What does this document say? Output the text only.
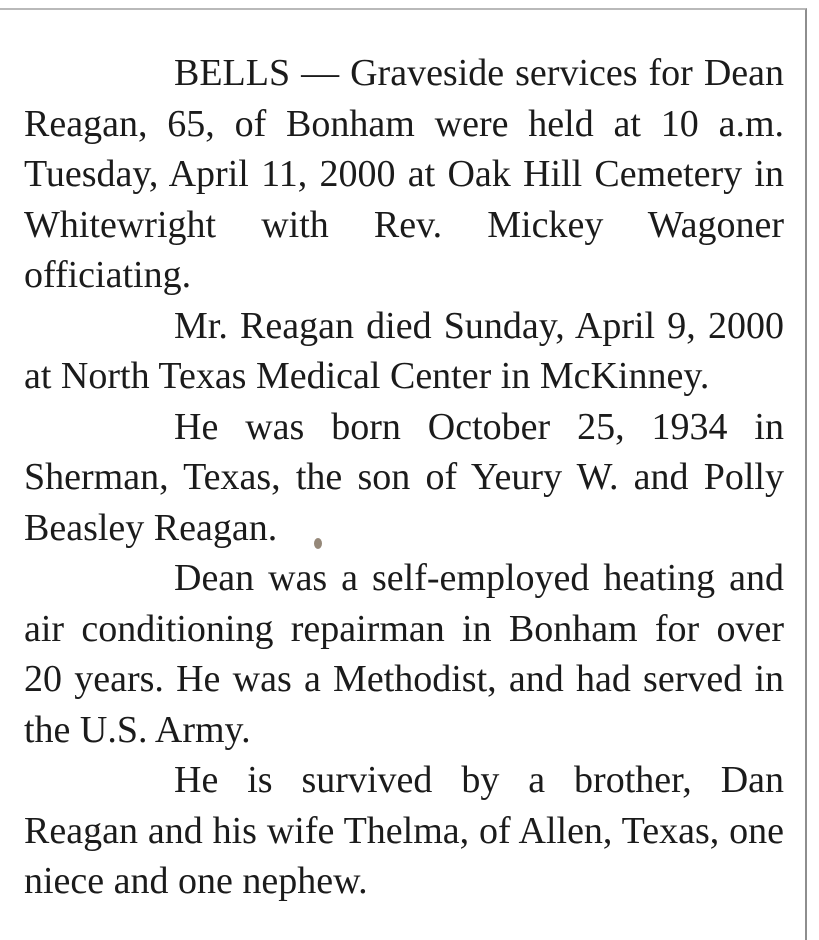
BELLS — Graveside services for Dean Reagan, 65, of Bonham were held at 10 a.m. Tuesday, April 11, 2000 at Oak Hill Cemetery in Whitewright with Rev. Mickey Wagoner officiating.

Mr. Reagan died Sunday, April 9, 2000 at North Texas Medical Center in McKinney.

He was born October 25, 1934 in Sherman, Texas, the son of Yeury W. and Polly Beasley Reagan.

Dean was a self-employed heating and air conditioning repairman in Bonham for over 20 years. He was a Methodist, and had served in the U.S. Army.

He is survived by a brother, Dan Reagan and his wife Thelma, of Allen, Texas, one niece and one nephew.
